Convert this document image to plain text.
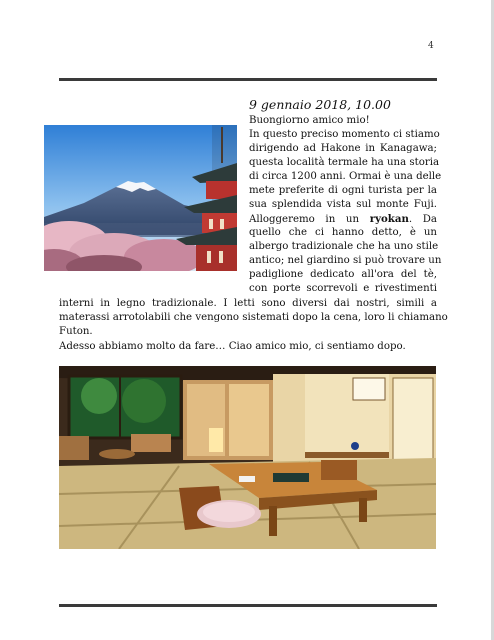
4
9 gennaio 2018, 10.00
Buongiorno amico mio!
In questo preciso momento ci stiamo
dirigendo ad Hakone in Kanagawa;
questa località termale ha una storia
di circa 1200 anni. Ormai è una delle
mete preferite di ogni turista per la
sua splendida vista sul monte Fuji.
Alloggeremo in un ryokan. Da
quello che ci hanno detto, è un
albergo tradizionale che ha uno stile
antico; nel giardino si può trovare un
padiglione dedicato all'ora del tè,
con porte scorrevoli e rivestimenti
interni in legno tradizionale. I letti sono diversi dai nostri, simili a
materassi arrotolabili che vengono sistemati dopo la cena, loro li chiamano
Futon.
Adesso abbiamo molto da fare… Ciao amico mio, ci sentiamo dopo.
